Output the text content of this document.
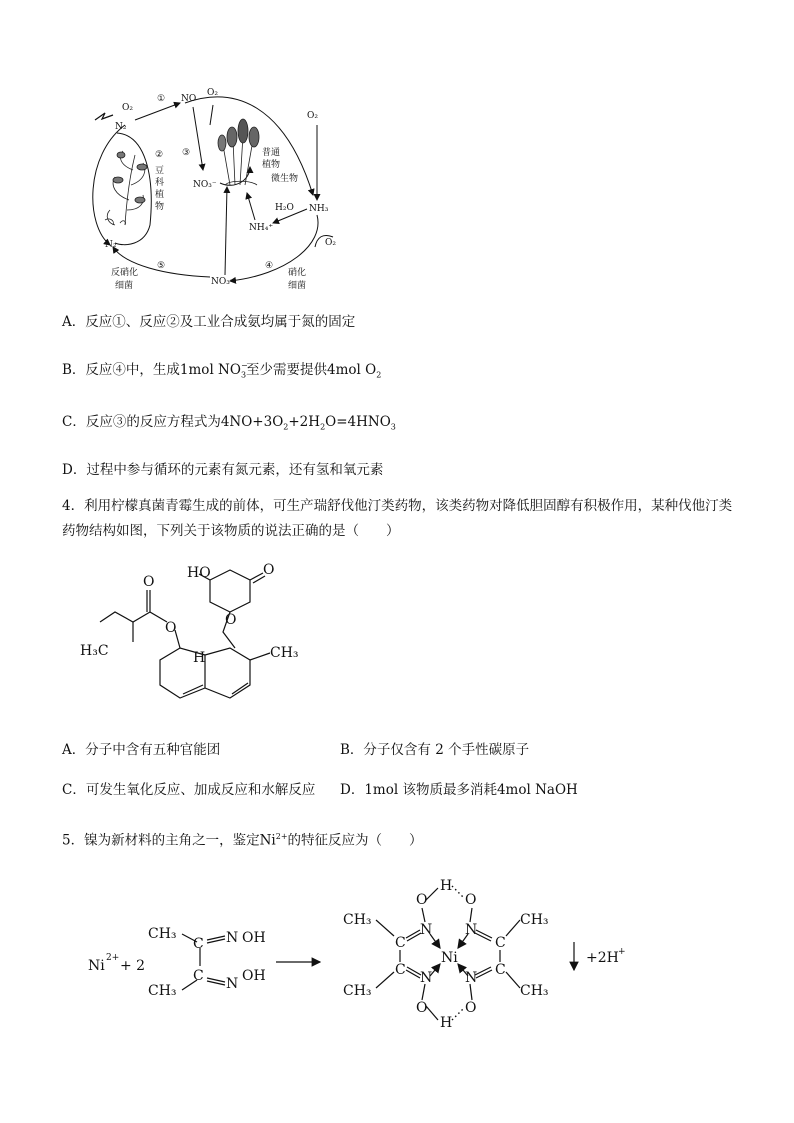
O₂
① NO
O₂
N₂
②
豆
科
植
物
③
NO₃⁻
普通
植物
微生物
O₂
H₂O
NH₄⁺
NH₃
O₂
N₂
⑤	④
反硝化
细菌
硝化
细菌
NO₃⁻
A．反应①、反应②及工业合成氨均属于氮的固定
B．反应④中，生成1mol NO −
$_3$至少需要提供4mol $O_2$
C．反应③的反应方程式为$4NO+3O_2+2H_2O=4HNO_3$
D．过程中参与循环的元素有氮元素，还有氢和氧元素
4．利用柠檬真菌青霉生成的前体，可生产瑞舒伐他汀类药物，该类药物对降低胆固醇有积极作用，某种伐他汀类药物结构如图，下列关于该物质的说法正确的是（　　）
HO	O
O
O
O
H₃C	H	CH₃
A．分子中含有五种官能团	B．分子仅含有 2 个手性碳原子
C．可发生氧化反应、加成反应和水解反应 D．1mol 该物质最多消耗4mol NaOH
5．镍为新材料的主角之一，鉴定$Ni^{2+}$的特征反应为（　　）
Ni 2+ + 2
CH₃
CH₃
C
C
N OH
N OH
CH₃
CH₃
C
C
N
N
O
O
H
H
O
O
Ni
N
N
C
C
CH₃
CH₃
+2H +
